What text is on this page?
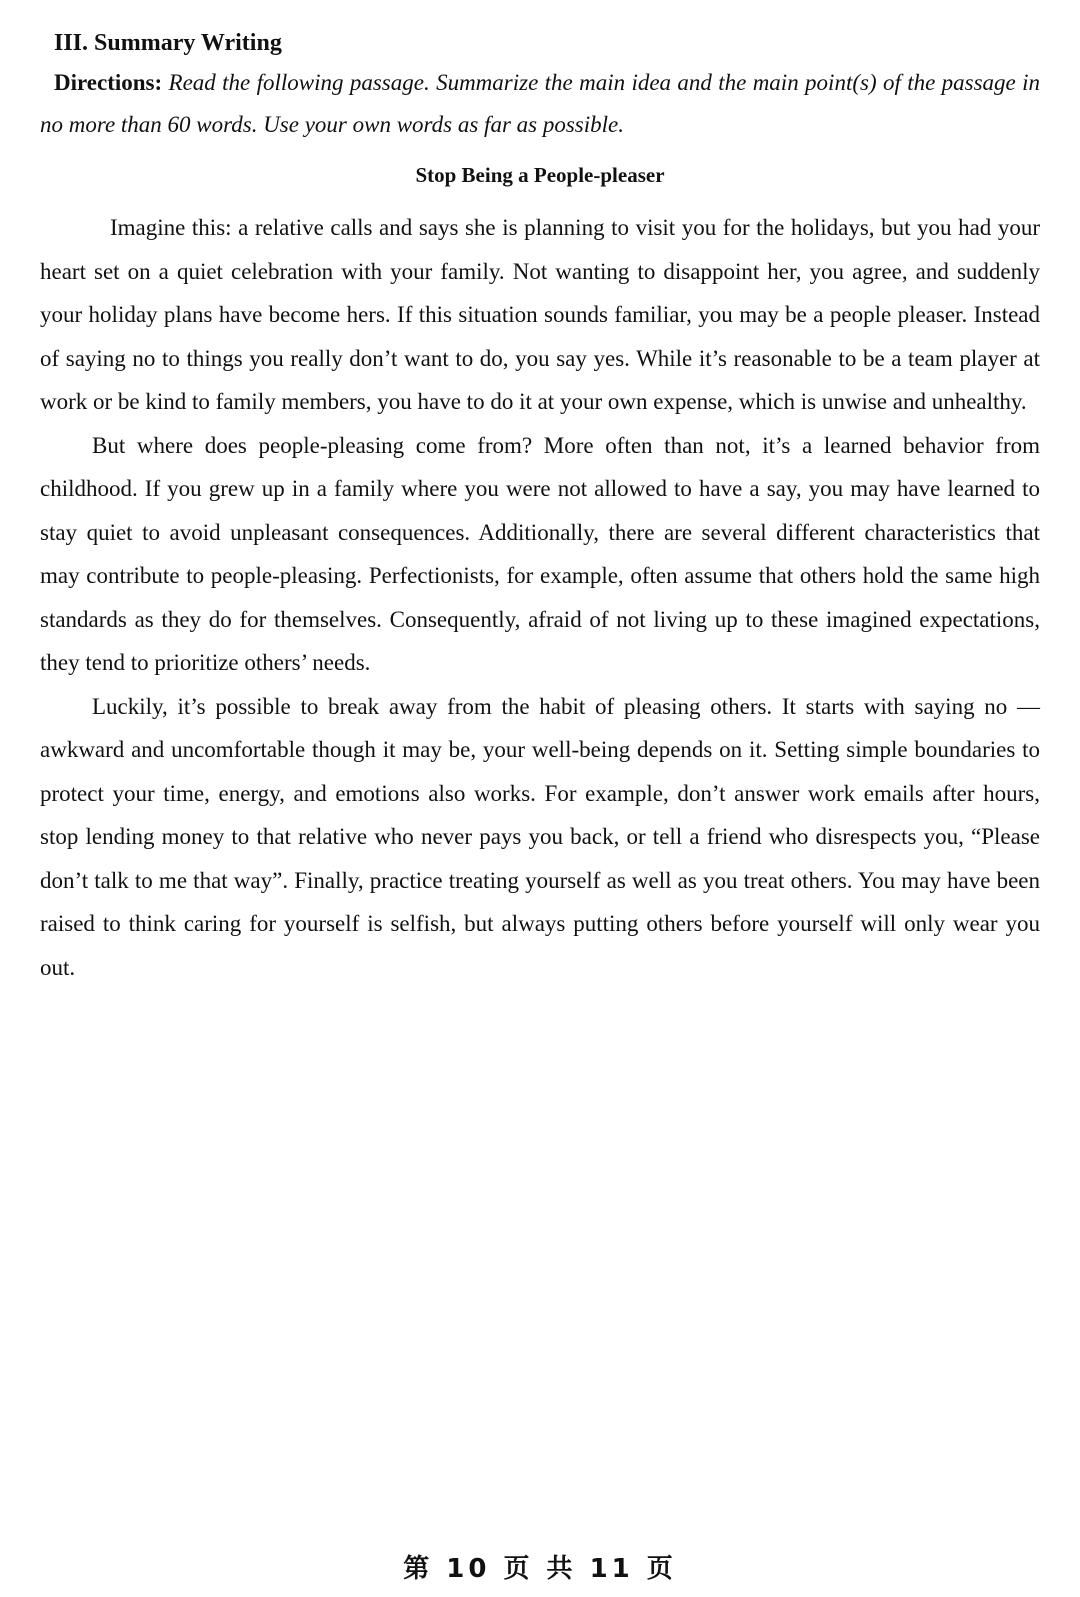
III. Summary Writing

Directions: Read the following passage. Summarize the main idea and the main point(s) of the passage in no more than 60 words. Use your own words as far as possible.

Stop Being a People-pleaser

Imagine this: a relative calls and says she is planning to visit you for the holidays, but you had your heart set on a quiet celebration with your family. Not wanting to disappoint her, you agree, and suddenly your holiday plans have become hers. If this situation sounds familiar, you may be a people pleaser. Instead of saying no to things you really don’t want to do, you say yes. While it’s reasonable to be a team player at work or be kind to family members, you have to do it at your own expense, which is unwise and unhealthy.

But where does people-pleasing come from? More often than not, it’s a learned behavior from childhood. If you grew up in a family where you were not allowed to have a say, you may have learned to stay quiet to avoid unpleasant consequences. Additionally, there are several different characteristics that may contribute to people-pleasing. Perfectionists, for example, often assume that others hold the same high standards as they do for themselves. Consequently, afraid of not living up to these imagined expectations, they tend to prioritize others’ needs.

Luckily, it’s possible to break away from the habit of pleasing others. It starts with saying no — awkward and uncomfortable though it may be, your well-being depends on it. Setting simple boundaries to protect your time, energy, and emotions also works. For example, don’t answer work emails after hours, stop lending money to that relative who never pays you back, or tell a friend who disrespects you, “Please don’t talk to me that way”. Finally, practice treating yourself as well as you treat others. You may have been raised to think caring for yourself is selfish, but always putting others before yourself will only wear you out.

第 10 页 共 11 页
